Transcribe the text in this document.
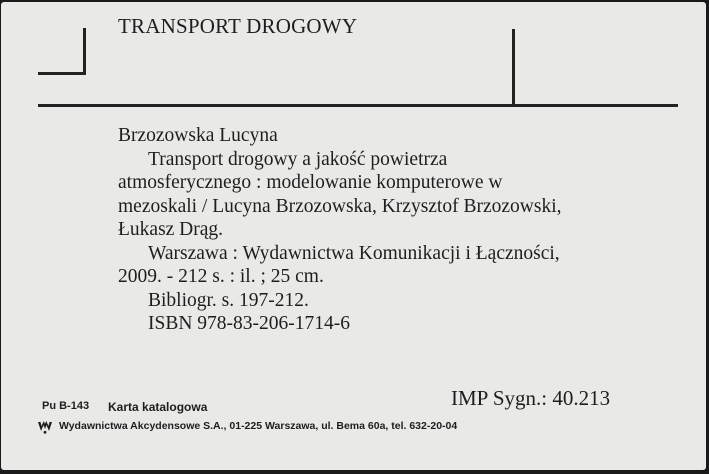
TRANSPORT DROGOWY
Brzozowska Lucyna
Transport drogowy a jakość powietrza
atmosferycznego : modelowanie komputerowe w
mezoskali / Lucyna Brzozowska, Krzysztof Brzozowski,
Łukasz Drąg.
Warszawa : Wydawnictwa Komunikacji i Łączności,
2009. - 212 s. : il. ; 25 cm.
Bibliogr. s. 197-212.
ISBN 978-83-206-1714-6
IMP Sygn.: 40.213
Pu B-143 Karta katalogowa
Wydawnictwa Akcydensowe S.A., 01-225 Warszawa, ul. Bema 60a, tel. 632-20-04
